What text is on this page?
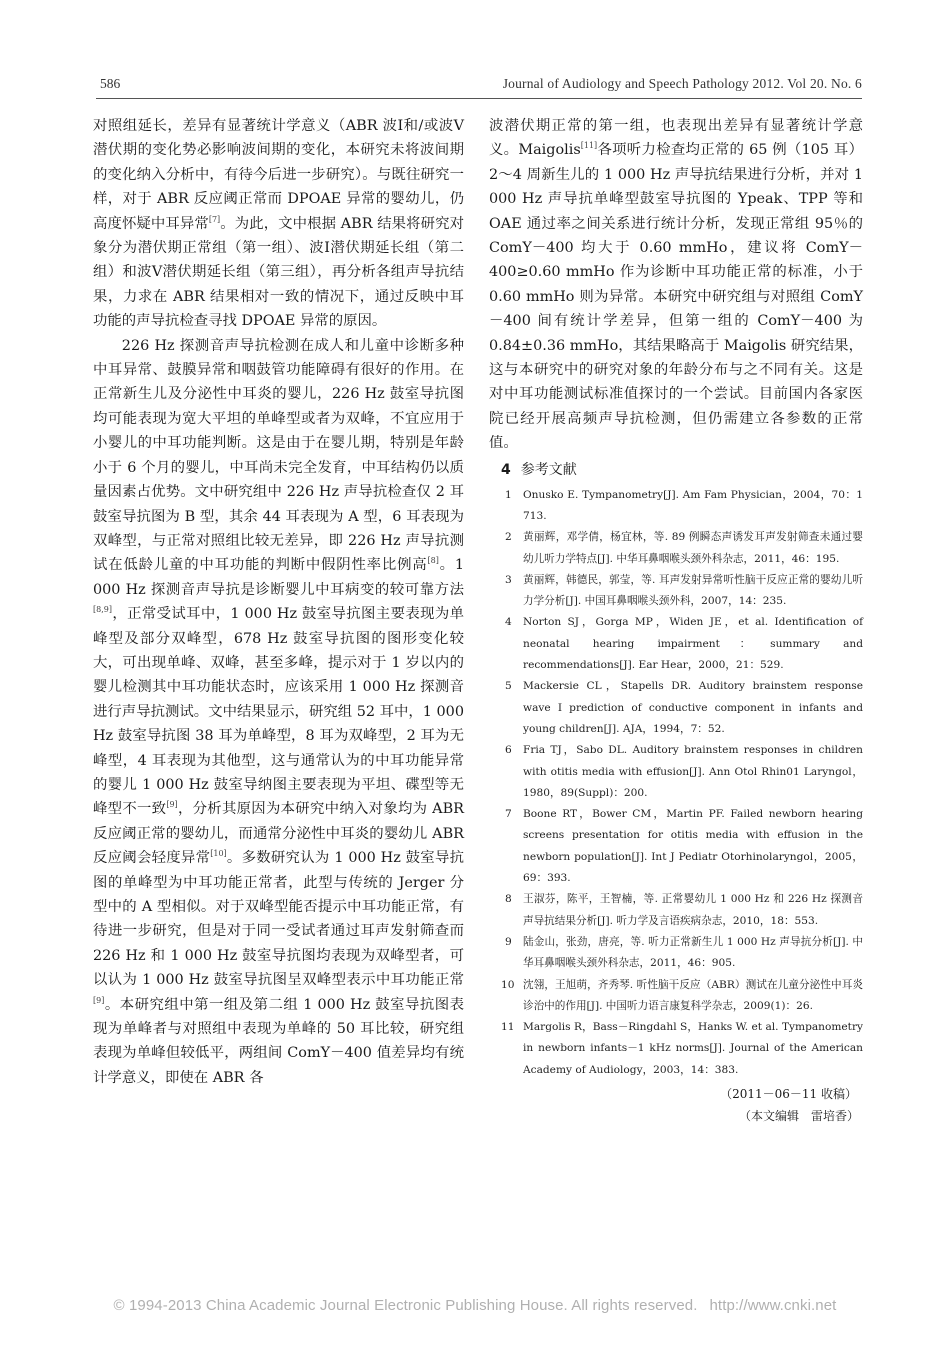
586	Journal of Audiology and Speech Pathology 2012. Vol 20. No. 6

对照组延长，差异有显著统计学意义（ABR 波Ⅰ和/或波Ⅴ潜伏期的变化势必影响波间期的变化，本研究未将波间期的变化纳入分析中，有待今后进一步研究）。与既往研究一样，对于 ABR 反应阈正常而 DPOAE 异常的婴幼儿，仍高度怀疑中耳异常[7]。为此，文中根据 ABR 结果将研究对象分为潜伏期正常组（第一组）、波Ⅰ潜伏期延长组（第二组）和波Ⅴ潜伏期延长组（第三组），再分析各组声导抗结果，力求在 ABR 结果相对一致的情况下，通过反映中耳功能的声导抗检查寻找 DPOAE 异常的原因。

226 Hz 探测音声导抗检测在成人和儿童中诊断多种中耳异常、鼓膜异常和咽鼓管功能障碍有很好的作用。在正常新生儿及分泌性中耳炎的婴儿，226 Hz 鼓室导抗图均可能表现为宽大平坦的单峰型或者为双峰，不宜应用于小婴儿的中耳功能判断。这是由于在婴儿期，特别是年龄小于 6 个月的婴儿，中耳尚未完全发育，中耳结构仍以质量因素占优势。文中研究组中 226 Hz 声导抗检查仅 2 耳鼓室导抗图为 B 型，其余 44 耳表现为 A 型，6 耳表现为双峰型，与正常对照组比较无差异，即 226 Hz 声导抗测试在低龄儿童的中耳功能的判断中假阴性率比例高[8]。1 000 Hz 探测音声导抗是诊断婴儿中耳病变的较可靠方法[8,9]，正常受试耳中，1 000 Hz 鼓室导抗图主要表现为单峰型及部分双峰型，678 Hz 鼓室导抗图的图形变化较大，可出现单峰、双峰，甚至多峰，提示对于 1 岁以内的婴儿检测其中耳功能状态时，应该采用 1 000 Hz 探测音进行声导抗测试。文中结果显示，研究组 52 耳中，1 000 Hz 鼓室导抗图 38 耳为单峰型，8 耳为双峰型，2 耳为无峰型，4 耳表现为其他型，这与通常认为的中耳功能异常的婴儿 1 000 Hz 鼓室导纳图主要表现为平坦、碟型等无峰型不一致[9]，分析其原因为本研究中纳入对象均为 ABR 反应阈正常的婴幼儿，而通常分泌性中耳炎的婴幼儿 ABR 反应阈会轻度异常[10]。多数研究认为 1 000 Hz 鼓室导抗图的单峰型为中耳功能正常者，此型与传统的 Jerger 分型中的 A 型相似。对于双峰型能否提示中耳功能正常，有待进一步研究，但是对于同一受试者通过耳声发射筛查而 226 Hz 和 1 000 Hz 鼓室导抗图均表现为双峰型者，可以认为 1 000 Hz 鼓室导抗图呈双峰型表示中耳功能正常[9]。本研究组中第一组及第二组 1 000 Hz 鼓室导抗图表现为单峰者与对照组中表现为单峰的 50 耳比较，研究组表现为单峰但较低平，两组间 ComY－400 值差异均有统计学意义，即使在 ABR 各

波潜伏期正常的第一组，也表现出差异有显著统计学意义。Maigolis[11]各项听力检查均正常的 65 例（105 耳）2～4 周新生儿的 1 000 Hz 声导抗结果进行分析，并对 1 000 Hz 声导抗单峰型鼓室导抗图的 Ypeak、TPP 等和 OAE 通过率之间关系进行统计分析，发现正常组 95％的 ComY－400 均大于 0.60 mmHo，建议将 ComY－400≥0.60 mmHo 作为诊断中耳功能正常的标准，小于 0.60 mmHo 则为异常。本研究中研究组与对照组 ComY－400 间有统计学差异，但第一组的 ComY－400 为 0.84±0.36 mmHo，其结果略高于 Maigolis 研究结果，这与本研究中的研究对象的年龄分布与之不同有关。这是对中耳功能测试标准值探讨的一个尝试。目前国内各家医院已经开展高频声导抗检测，但仍需建立各参数的正常值。

4 参考文献
1 Onusko E. Tympanometry[J]. Am Fam Physician，2004，70：1 713.
2 黄丽辉，邓学倩，杨宜林，等. 89 例瞬态声诱发耳声发射筛查未通过婴幼儿听力学特点[J]. 中华耳鼻咽喉头颈外科杂志，2011，46：195.
3 黄丽辉，韩德民，郭莹，等. 耳声发射异常听性脑干反应正常的婴幼儿听力学分析[J]. 中国耳鼻咽喉头颈外科，2007，14：235.
4 Norton SJ，Gorga MP，Widen JE，et al. Identification of neonatal hearing impairment：summary and recommendations[J]. Ear Hear，2000，21：529.
5 Mackersie CL，Stapells DR. Auditory brainstem response wave I prediction of conductive component in infants and young children[J]. AJA，1994，7：52.
6 Fria TJ，Sabo DL. Auditory brainstem responses in children with otitis media with effusion[J]. Ann Otol Rhin01 Laryngol，1980，89(Suppl)：200.
7 Boone RT，Bower CM，Martin PF. Failed newborn hearing screens presentation for otitis media with effusion in the newborn population[J]. Int J Pediatr Otorhinolaryngol，2005，69：393.
8 王淑芬，陈平，王智楠，等. 正常婴幼儿 1 000 Hz 和 226 Hz 探测音声导抗结果分析[J]. 听力学及言语疾病杂志，2010，18：553.
9 陆金山，张劲，唐亮，等. 听力正常新生儿 1 000 Hz 声导抗分析[J]. 中华耳鼻咽喉头颈外科杂志，2011，46：905.
10 沈翎，王旭萌，齐秀琴. 听性脑干反应（ABR）测试在儿童分泌性中耳炎诊治中的作用[J]. 中国听力语言康复科学杂志，2009(1)：26.
11 Margolis R，Bass－Ringdahl S，Hanks W. et al. Tympanometry in newborn infants－1 kHz norms[J]. Journal of the American Academy of Audiology，2003，14：383.
（2011－06－11 收稿）
（本文编辑　雷培香）
© 1994-2013 China Academic Journal Electronic Publishing House. All rights reserved. http://www.cnki.net
